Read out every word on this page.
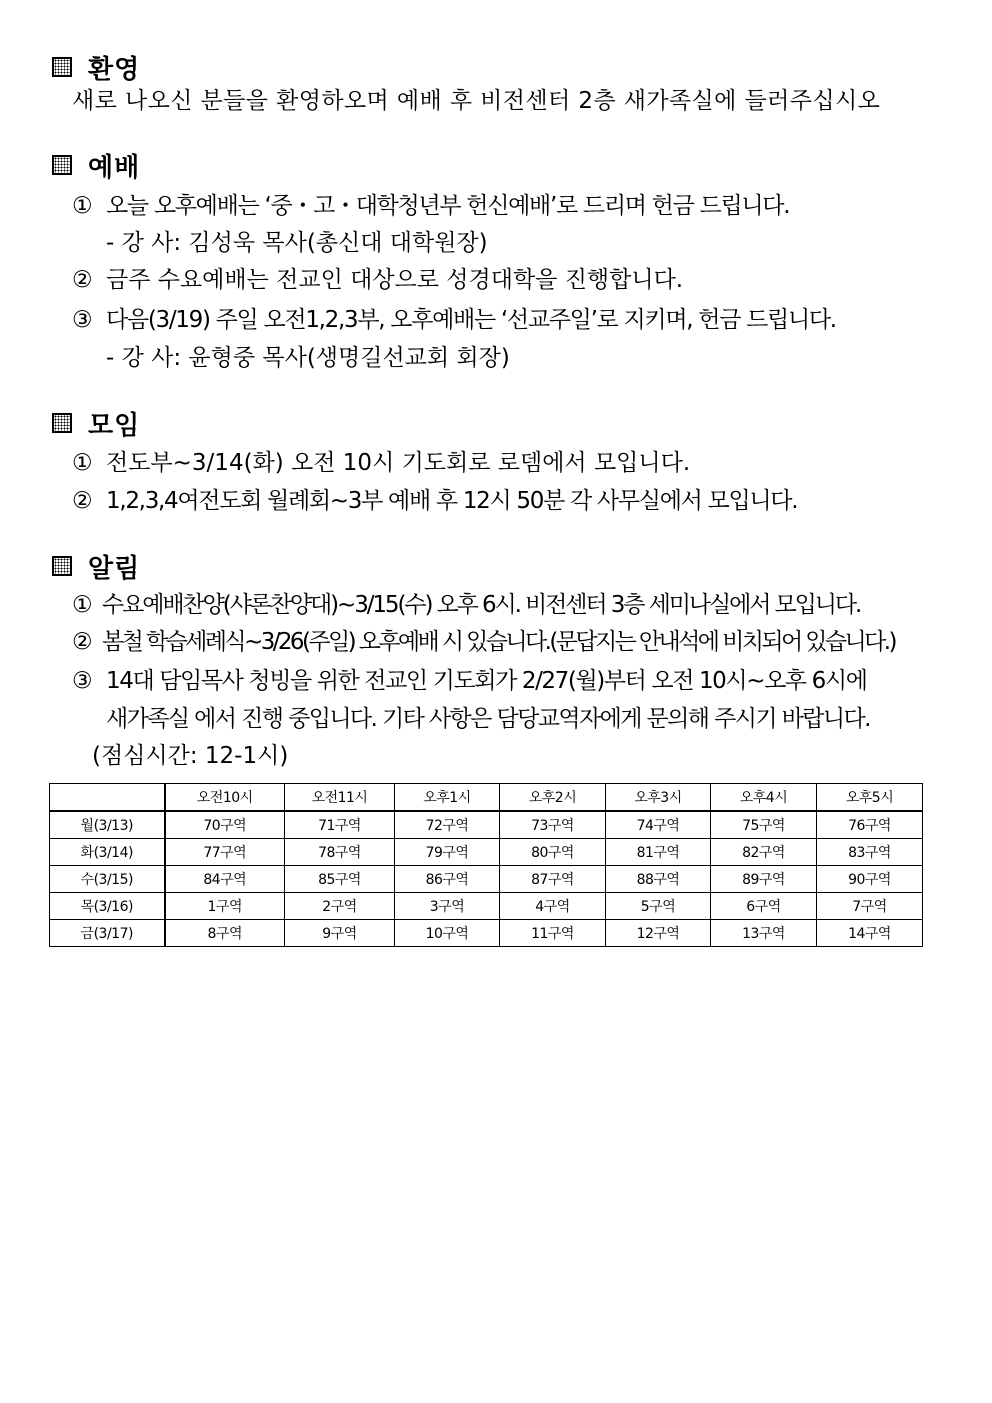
환영
새로 나오신 분들을 환영하오며 예배 후 비전센터 2층 새가족실에 들러주십시오
예배
① 오늘 오후예배는 ‘중・고・대학청년부 헌신예배’로 드리며 헌금 드립니다.
- 강 사: 김성욱 목사(총신대 대학원장)
② 금주 수요예배는 전교인 대상으로 성경대학을 진행합니다.
③ 다음(3/19) 주일 오전1,2,3부, 오후예배는 ‘선교주일’로 지키며, 헌금 드립니다.
- 강 사: 윤형중 목사(생명길선교회 회장)
모임
① 전도부~3/14(화) 오전 10시 기도회로 로뎀에서 모입니다.
② 1,2,3,4여전도회 월례회~3부 예배 후 12시 50분 각 사무실에서 모입니다.
알림
① 수요예배찬양(샤론찬양대)~3/15(수) 오후 6시. 비전센터 3층 세미나실에서 모입니다.
② 봄철 학습세례식~3/26(주일) 오후예배 시 있습니다.(문답지는 안내석에 비치되어 있습니다.)
③ 14대 담임목사 청빙을 위한 전교인 기도회가 2/27(월)부터 오전 10시~오후 6시에
새가족실 에서 진행 중입니다. 기타 사항은 담당교역자에게 문의해 주시기 바랍니다.
(점심시간: 12-1시)
	오전10시	오전11시	오후1시	오후2시	오후3시	오후4시	오후5시
월(3/13)	70구역	71구역	72구역	73구역	74구역	75구역	76구역
화(3/14)	77구역	78구역	79구역	80구역	81구역	82구역	83구역
수(3/15)	84구역	85구역	86구역	87구역	88구역	89구역	90구역
목(3/16)	1구역	2구역	3구역	4구역	5구역	6구역	7구역
금(3/17)	8구역	9구역	10구역	11구역	12구역	13구역	14구역
